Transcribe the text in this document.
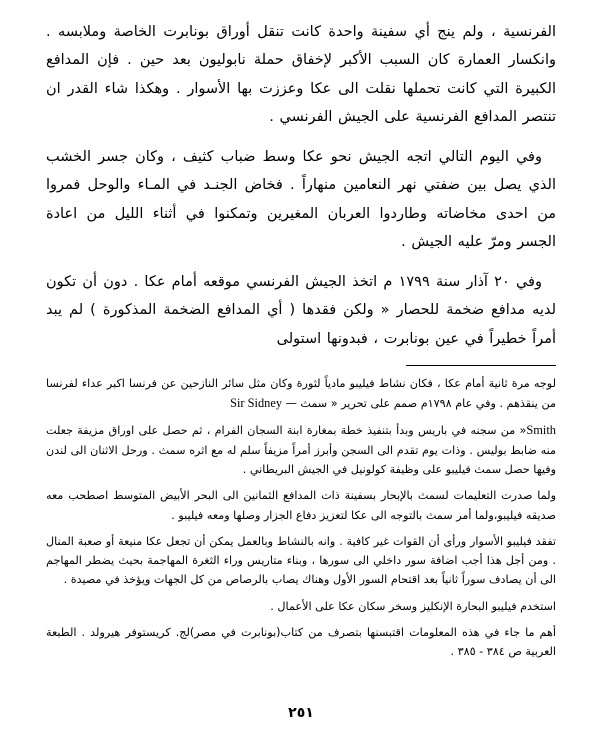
الفرنسية ، ولم ينج أي سفينة واحدة كانت تنقل أوراق بونابرت الخاصة وملابسه . وانكسار العمارة كان السبب الأكبر لإخفاق حملة نابوليون بعد حين . فإن المدافع الكبيرة التي كانت تحملها نقلت الى عكا وعززت بها الأسوار . وهكذا شاء القدر ان تنتصر المدافع الفرنسية على الجيش الفرنسي .

وفي اليوم التالي اتجه الجيش نحو عكا وسط ضباب كثيف ، وكان جسر الخشب الذي يصل بين ضفتي نهر النعامين منهاراً . فخاض الجنـد في المـاء والوحل فمروا من احدى مخاضاته وطاردوا العربان المغيرين وتمكنوا في أثناء الليل من اعادة الجسر ومرّ عليه الجيش .

وفي ٢٠ آذار سنة ١٧٩٩ م اتخذ الجيش الفرنسي موقعه أمام عكا . دون أن تكون لديه مدافع ضخمة للحصار « ولكن فقدها ( أي المدافع الضخمة المذكورة ) لم يبد أمراً خطيراً في عين بونابرت ، فبدونها استولى

لوجه مرة ثانية أمام عكا ، فكان نشاط فيليبو مادياً لثورة وكان مثل سائر النازحين عن فرنسا اكبر عداء لفرنسا من ينقذهم . وفي عام ١٧٩٨م صمم على تحرير « سمث — Sir Sidney

Smith« من سجنه في باريس وبدأ بتنفيذ خطة بمغارة ابنة السجان الفرام ، ثم حصل على اوراق مزيفة جعلت منه ضابط بوليس . وذات يوم تقدم الى السجن وأبرز أمراً مزيفاً سلم له مع اثره سمث . ورحل الاثنان الى لندن وفيها حصل سمث فيليبو على وظيفة كولونيل في الجيش البريطاني .

ولما صدرت التعليمات لسمث بالإبحار بسفينة ذات المدافع الثمانين الى البحر الأبيض المتوسط اصطحب معه صديقه فيليبو،ولما أمر سمث بالتوجه الى عكا لتعزيز دفاع الجزار وصلها ومعه فيليبو .

تفقد فيليبو الأسوار ورأى أن القوات غير كافية . وانه بالنشاط وبالعمل يمكن أن تجعل عكا منيعة أو صعبة المنال . ومن أجل هذا أجب اضافة سور داخلي الى سورها ، وبناء متاريس وراء الثغرة المهاجمة بحيث يضطر المهاجم الى أن يصادف سوراً ثانياً بعد اقتحام السور الأول وهناك يصاب بالرصاص من كل الجهات ويؤخذ في مصيدة .

استخدم فيليبو البحارة الإنكليز وسخر سكان عكا على الأعمال .

أهم ما جاء في هذه المعلومات اقتبسنها بتصرف من كتاب(بونابرت في مصر)لج. كريستوفر هيرولد . الطبعة العربية ص ٣٨٤ - ٣٨٥ .

٢٥١
